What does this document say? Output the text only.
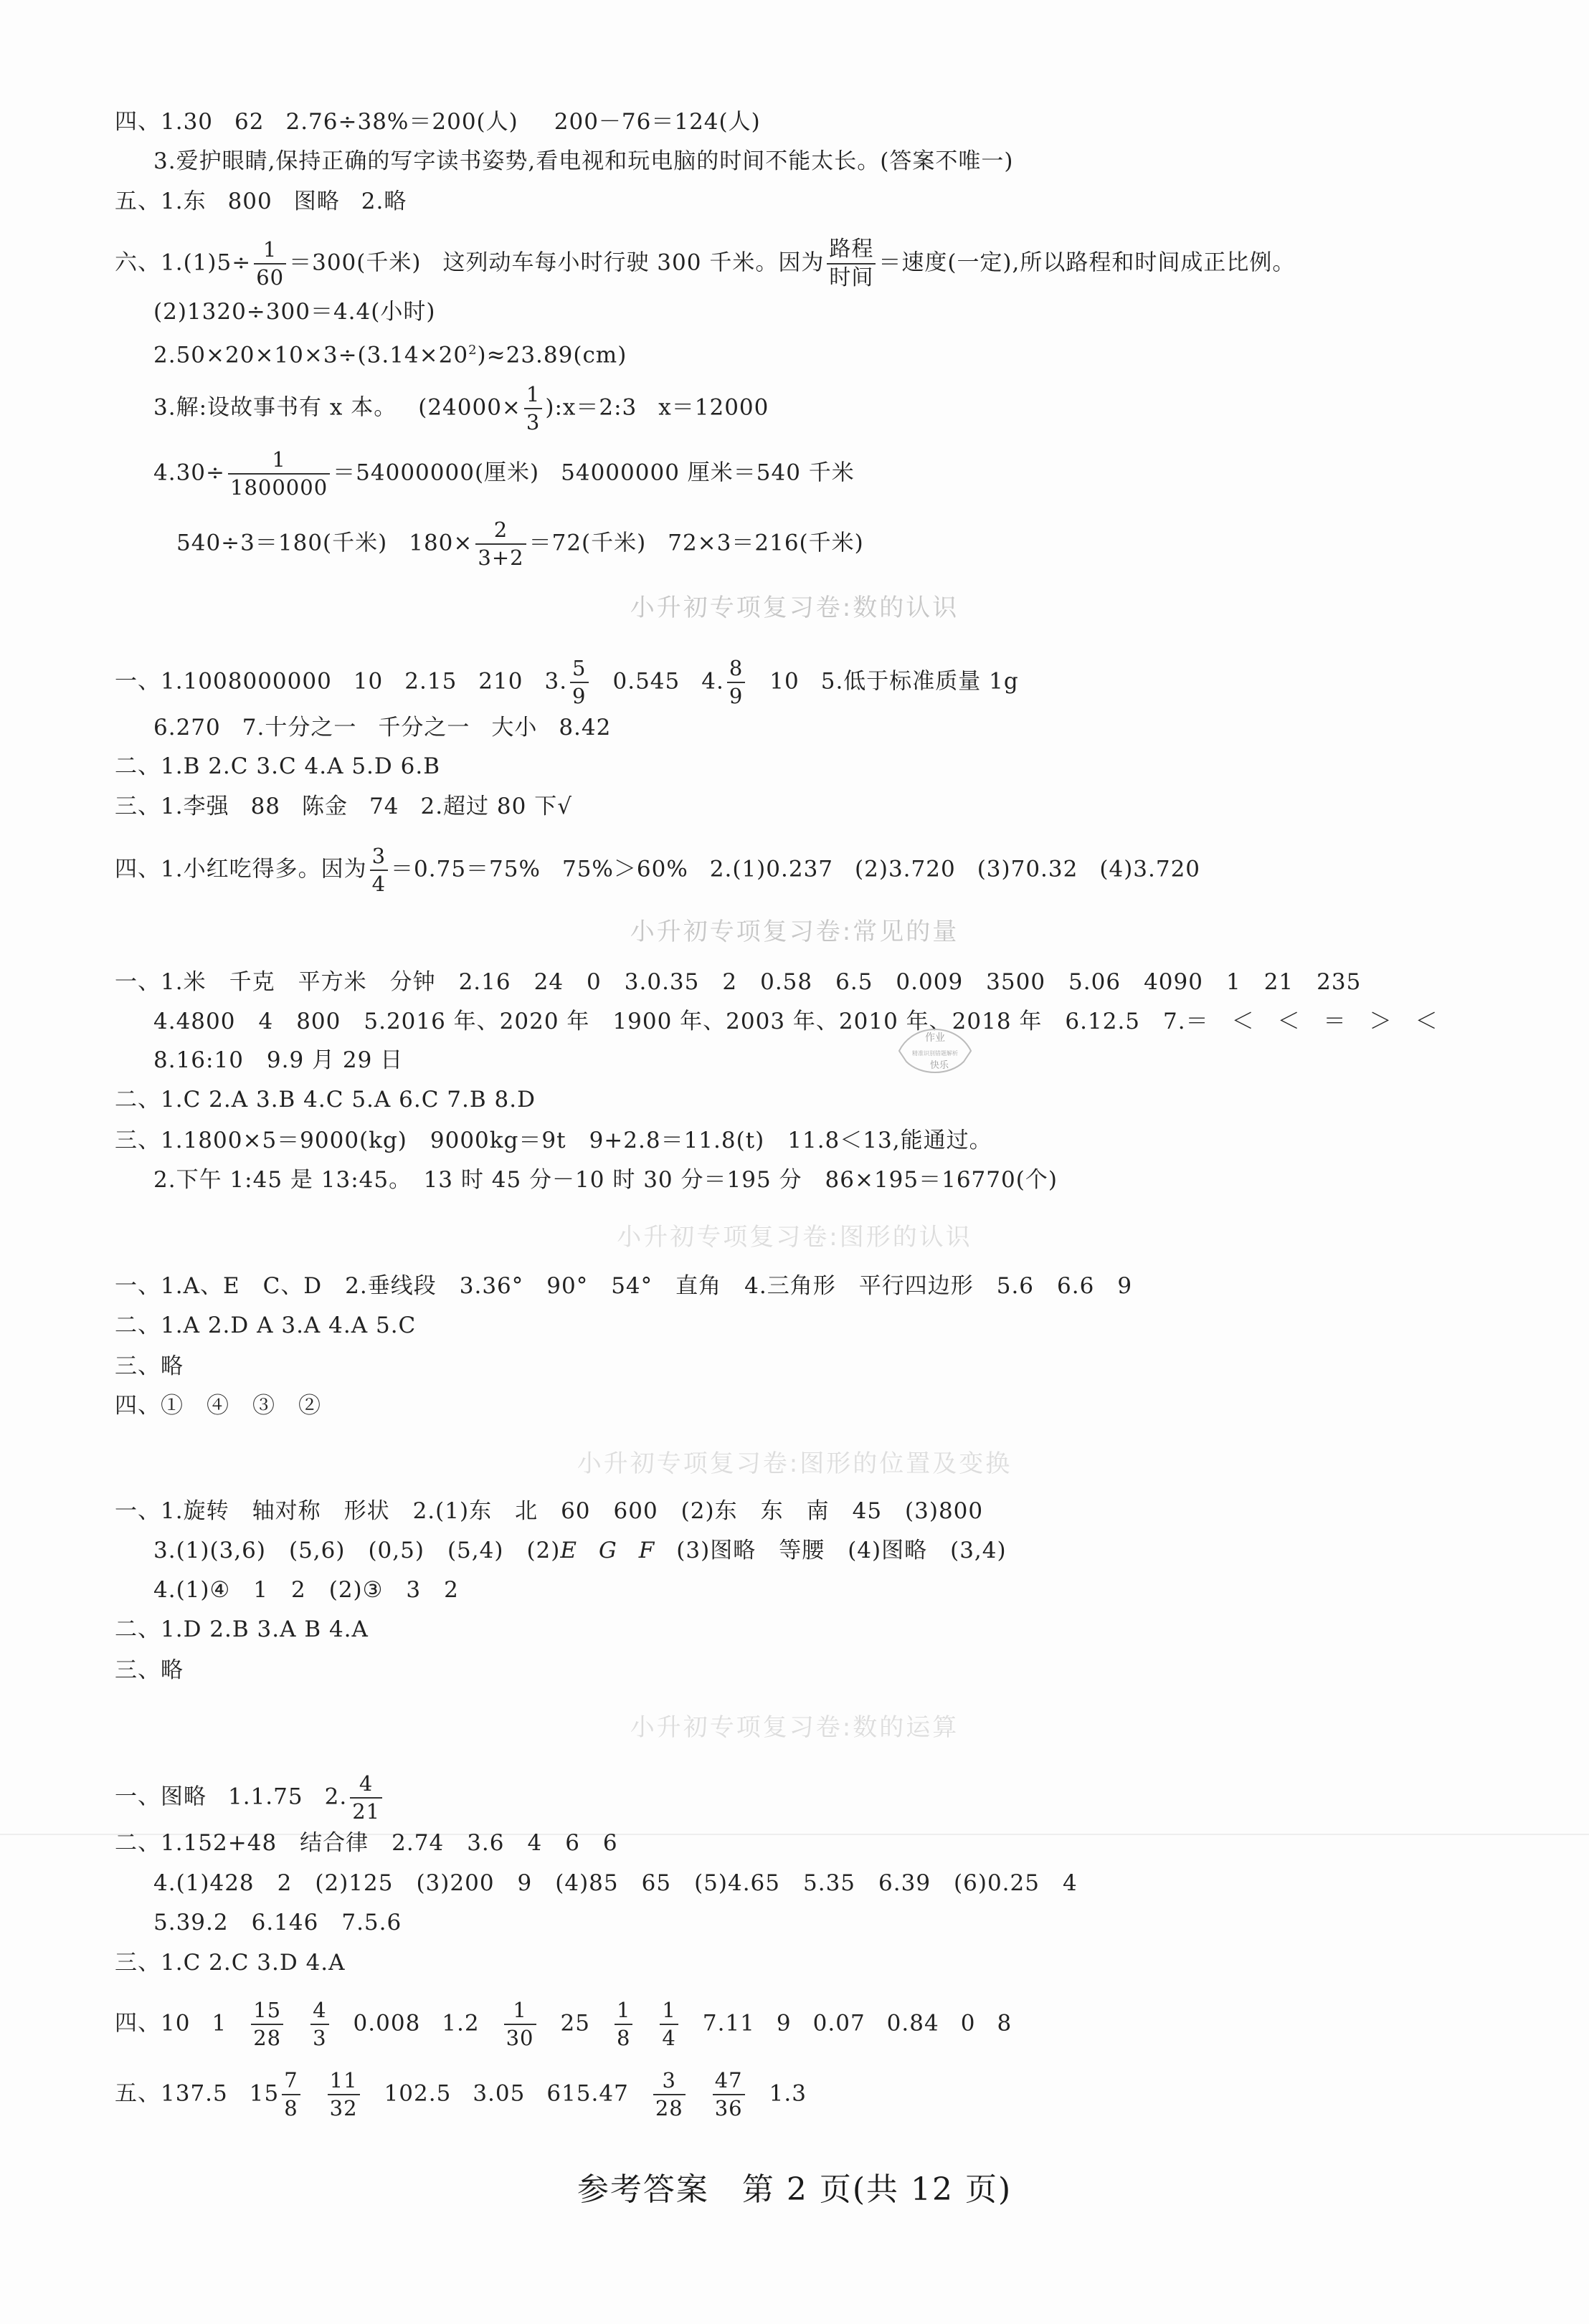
四、1.30 62 2.76÷38%＝200(人) 200－76＝124(人)
3.爱护眼睛,保持正确的写字读书姿势,看电视和玩电脑的时间不能太长。(答案不唯一)
五、1.东 800 图略 2.略
六、$1.(1)5\div \frac{1}{60} =300$(千米) 这列动车每小时行驶 300 千米。因为
路程
时间
＝速度(一定),所以路程和时间成正比例。
(2)1320÷300＝4.4(小时)
$2.50\times 20\times 10\times 3\div(3.14\times 20^2)\approx 23.89(cm)$
3.解:设故事书有 x 本。 ($24000\times \frac{1}{3}$ ):x＝2:3 x＝12000
$4.30\div \frac{1}{1800000} =54000000$(厘米) 54000000 厘米＝540 千米
540÷3＝180(千米) $180\times \frac{2}{3+2} =72$(千米) 72×3＝216(千米)
小升初专项复习卷:数的认识
一、1.1008000000 10 2.15 210 3. $\frac{5}{9} 0.545$ 4. $\frac{8}{9} 10$ 5.低于标准质量 1g
6.270 7.十分之一 千分之一 大小 8.42
二、1.B 2.C 3.C 4.A 5.D 6.B
三、1.李强 88 陈金 74 2.超过 80 下√
四、1.小红吃得多。因为 $\frac{3}{4} =0.75=75\%$ 75%＞60% 2.(1)0.237 (2)3.720 (3)70.32 (4)3.720
小升初专项复习卷:常见的量
一、1.米　千克　平方米　分钟　2.16　24　0　3.0.35　2　0.58　6.5　0.009　3500　5.06　4090　1　21　235
4.4800　4　800　5.2016 年、2020 年　1900 年、2003 年、2010 年、2018 年　6.12.5　7.＝　＜　＜　＝　＞　＜
8.16:10　9.9 月 29 日
二、1.C 2.A 3.B 4.C 5.A 6.C 7.B 8.D
三、1.1800×5＝9000(kg)　9000kg＝9t　9+2.8＝11.8(t)　11.8＜13,能通过。
2.下午 1:45 是 13:45。　13 时 45 分－10 时 30 分＝195 分　86×195＝16770(个)
小升初专项复习卷:图形的认识
一、1.A、E　C、D　2.垂线段　3.36°　90°　54°　直角　4.三角形　平行四边形　5.6　6.6　9
二、1.A 2.D A 3.A 4.A 5.C
三、略
四、①　④　③　②
小升初专项复习卷:图形的位置及变换
一、1.旋转　轴对称　形状　2.(1)东　北　60　600　(2)东　东　南　45　(3)800
3.(1)(3,6)　(5,6)　(0,5)　(5,4)　(2)E G F (3)图略　等腰　(4)图略　(3,4)
4.(1)④　1　2　(2)③　3　2
二、1.D 2.B 3.A B 4.A
三、略
小升初专项复习卷:数的运算
一、图略 1.1.75 2. $\frac{4}{21}$
二、1.152+48　结合律　2.74　3.6　4　6　6
4.(1)428　2　(2)125　(3)200　9　(4)85　65　(5)4.65　5.35　6.39　(6)0.25　4
5.39.2　6.146　7.5.6
三、1.C 2.C 3.D 4.A
四、10 $1 \frac{15}{28} \frac{4}{3} 0.008$ $1.2 \frac{1}{30} 25 \frac{1}{8} \frac{1}{4} 7.11$ 9 0.07 0.84 0 8
五、137.5 $15 \frac{7}{8} \frac{11}{32} 102.5$ 3.05 $615.47 \frac{3}{28} \frac{47}{36} 1.3$
作业
精准识别错题解析
快乐
参考答案　第 2 页(共 12 页)
